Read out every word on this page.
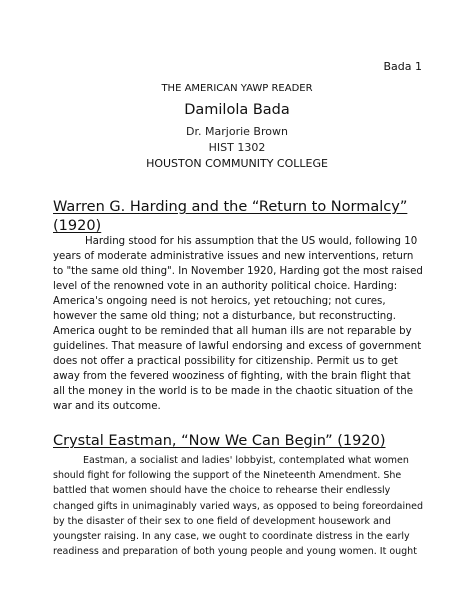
Bada 1
THE AMERICAN YAWP READER
Damilola Bada
Dr. Marjorie Brown
HIST 1302
HOUSTON COMMUNITY COLLEGE
Warren G. Harding and the “Return to Normalcy” (1920)

Harding stood for his assumption that the US would, following 10 years of moderate administrative issues and new interventions, return to "the same old thing". In November 1920, Harding got the most raised level of the renowned vote in an authority political choice. Harding: America's ongoing need is not heroics, yet retouching; not cures, however the same old thing; not a disturbance, but reconstructing. America ought to be reminded that all human ills are not reparable by guidelines. That measure of lawful endorsing and excess of government does not offer a practical possibility for citizenship. Permit us to get away from the fevered wooziness of fighting, with the brain flight that all the money in the world is to be made in the chaotic situation of the war and its outcome.

Crystal Eastman, “Now We Can Begin” (1920)

Eastman, a socialist and ladies' lobbyist, contemplated what women should fight for following the support of the Nineteenth Amendment. She battled that women should have the choice to rehearse their endlessly changed gifts in unimaginably varied ways, as opposed to being foreordained by the disaster of their sex to one field of development housework and youngster raising. In any case, we ought to coordinate distress in the early readiness and preparation of both young people and young women. It ought
